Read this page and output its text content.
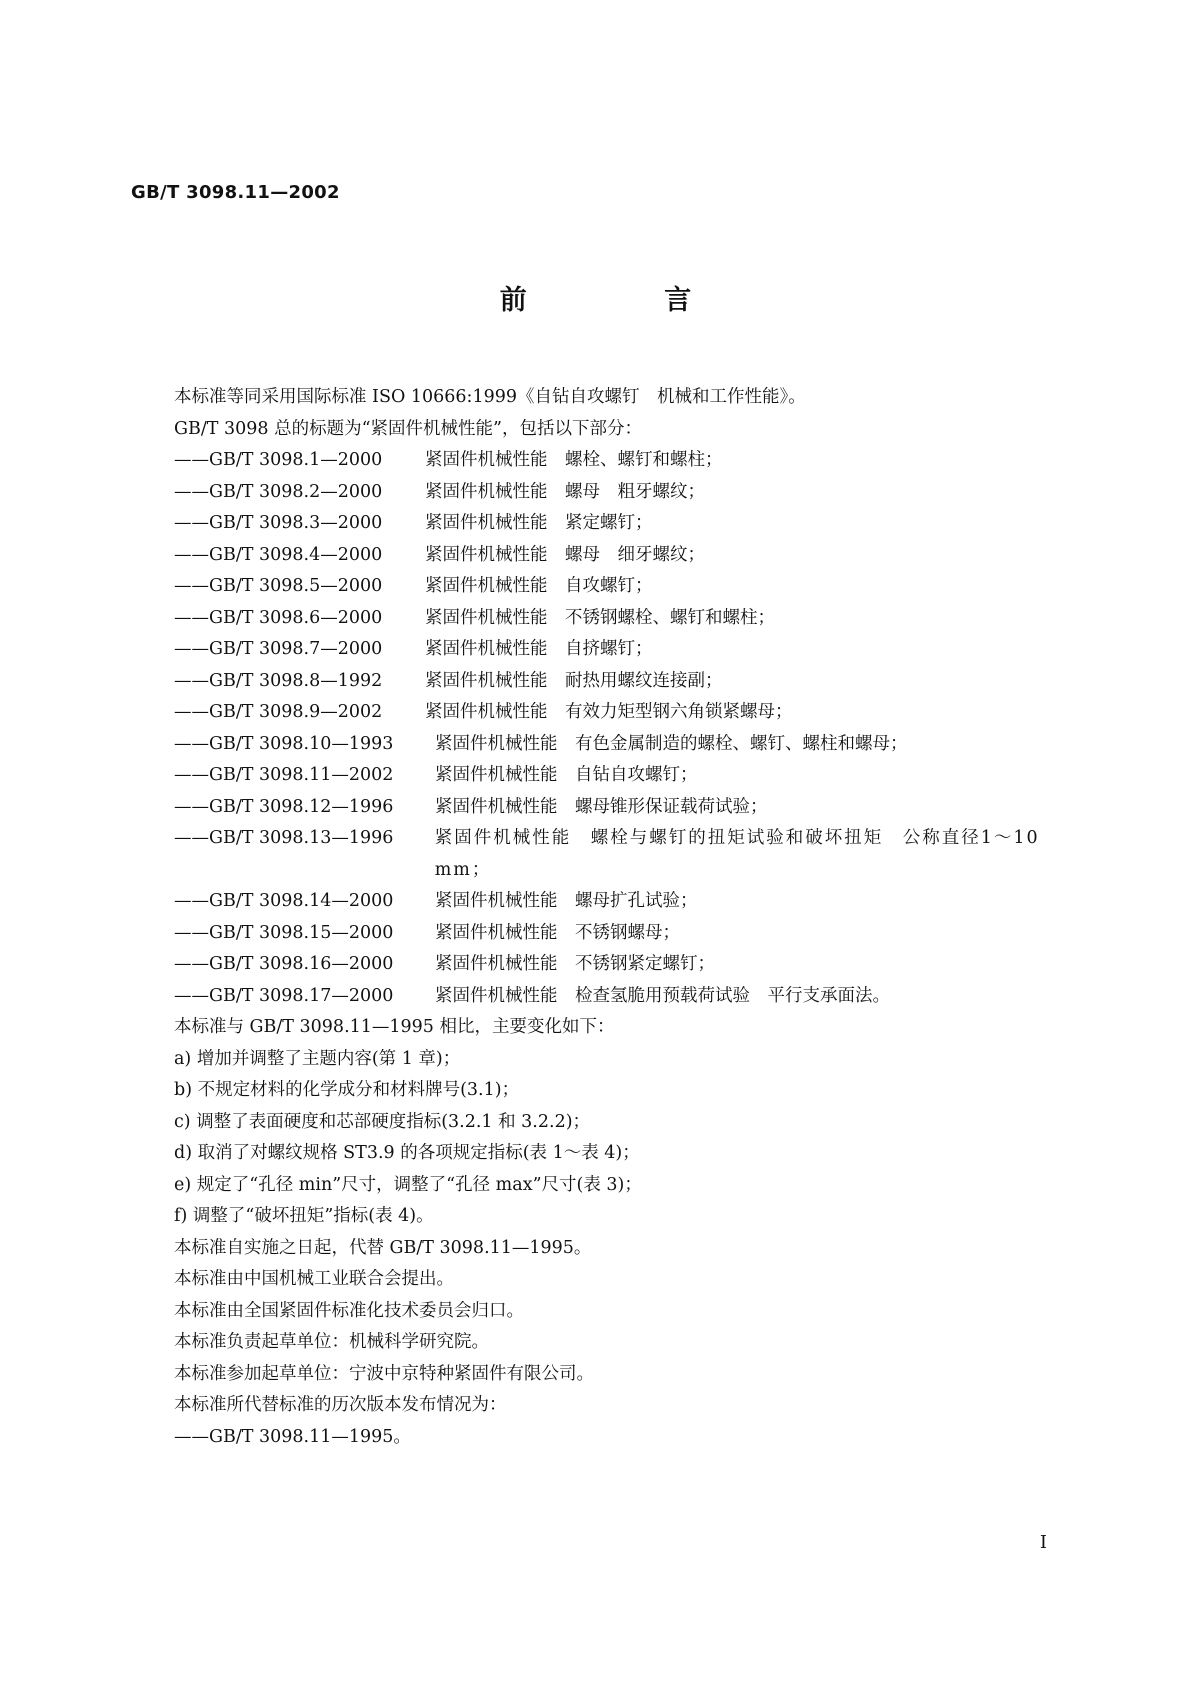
GB/T 3098.11—2002
前 言
本标准等同采用国际标准 ISO 10666:1999《自钻自攻螺钉　机械和工作性能》。
GB/T 3098 总的标题为“紧固件机械性能”，包括以下部分：
——GB/T 3098.1—2000	紧固件机械性能　螺栓、螺钉和螺柱；
——GB/T 3098.2—2000	紧固件机械性能　螺母　粗牙螺纹；
——GB/T 3098.3—2000	紧固件机械性能　紧定螺钉；
——GB/T 3098.4—2000	紧固件机械性能　螺母　细牙螺纹；
——GB/T 3098.5—2000	紧固件机械性能　自攻螺钉；
——GB/T 3098.6—2000	紧固件机械性能　不锈钢螺栓、螺钉和螺柱；
——GB/T 3098.7—2000	紧固件机械性能　自挤螺钉；
——GB/T 3098.8—1992	紧固件机械性能　耐热用螺纹连接副；
——GB/T 3098.9—2002	紧固件机械性能　有效力矩型钢六角锁紧螺母；
——GB/T 3098.10—1993	紧固件机械性能　有色金属制造的螺栓、螺钉、螺柱和螺母；
——GB/T 3098.11—2002	紧固件机械性能　自钻自攻螺钉；
——GB/T 3098.12—1996	紧固件机械性能　螺母锥形保证载荷试验；
——GB/T 3098.13—1996	紧固件机械性能　螺栓与螺钉的扭矩试验和破坏扭矩　公称直径1～10 mm；
——GB/T 3098.14—2000	紧固件机械性能　螺母扩孔试验；
——GB/T 3098.15—2000	紧固件机械性能　不锈钢螺母；
——GB/T 3098.16—2000	紧固件机械性能　不锈钢紧定螺钉；
——GB/T 3098.17—2000	紧固件机械性能　检查氢脆用预载荷试验　平行支承面法。
本标准与 GB/T 3098.11—1995 相比，主要变化如下：
a) 增加并调整了主题内容(第 1 章)；
b) 不规定材料的化学成分和材料牌号(3.1)；
c) 调整了表面硬度和芯部硬度指标(3.2.1 和 3.2.2)；
d) 取消了对螺纹规格 ST3.9 的各项规定指标(表 1～表 4)；
e) 规定了“孔径 min”尺寸，调整了“孔径 max”尺寸(表 3)；
f) 调整了“破坏扭矩”指标(表 4)。
本标准自实施之日起，代替 GB/T 3098.11—1995。
本标准由中国机械工业联合会提出。
本标准由全国紧固件标准化技术委员会归口。
本标准负责起草单位：机械科学研究院。
本标准参加起草单位：宁波中京特种紧固件有限公司。
本标准所代替标准的历次版本发布情况为：
——GB/T 3098.11—1995。
I
